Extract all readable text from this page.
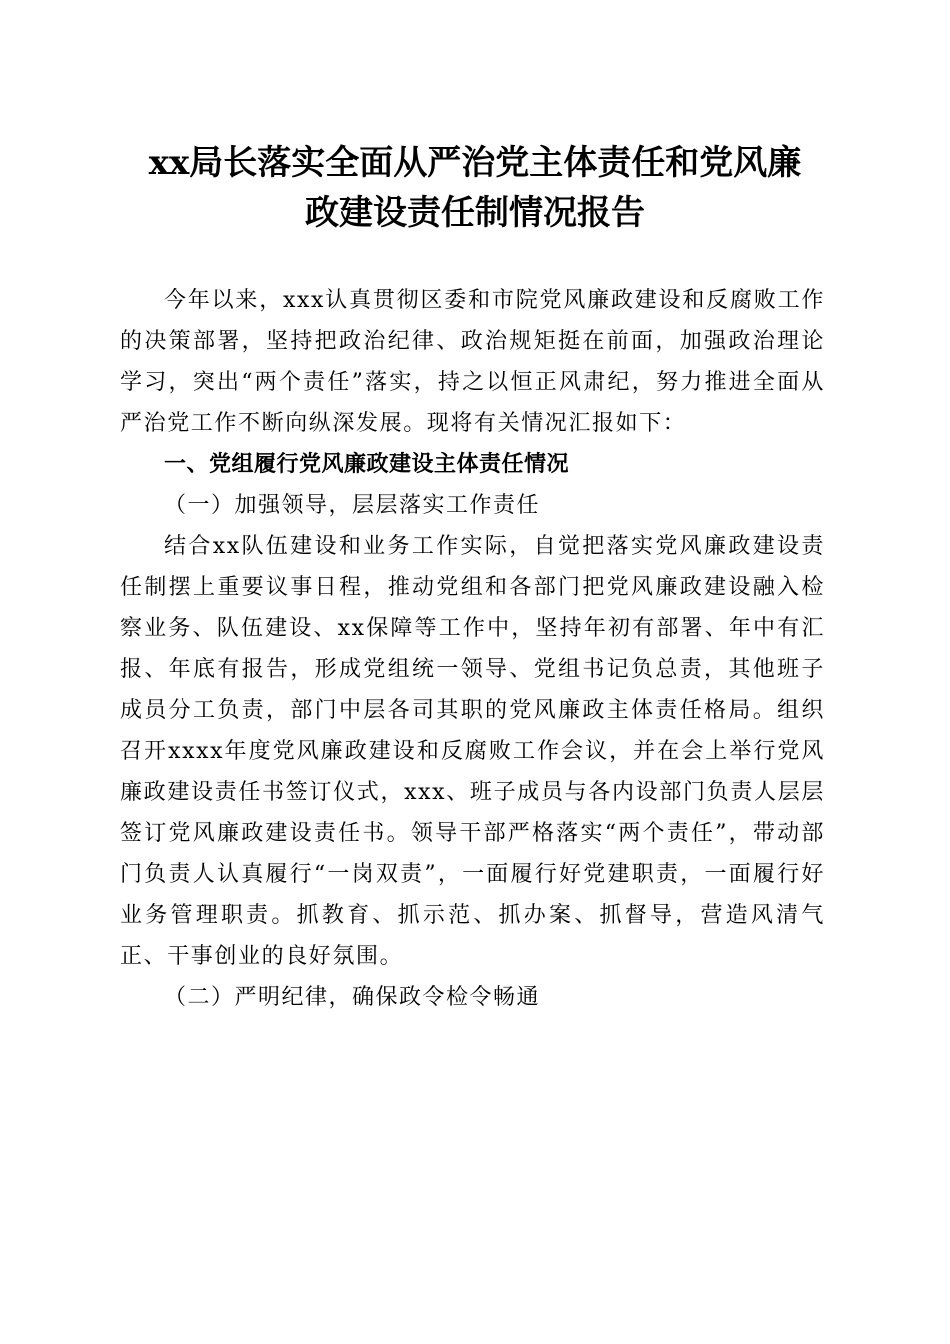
xx局长落实全面从严治党主体责任和党风廉
政建设责任制情况报告

今年以来，xxx认真贯彻区委和市院党风廉政建设和反腐败工作的决策部署，坚持把政治纪律、政治规矩挺在前面，加强政治理论学习，突出“两个责任”落实，持之以恒正风肃纪，努力推进全面从严治党工作不断向纵深发展。现将有关情况汇报如下：

一、党组履行党风廉政建设主体责任情况

（一）加强领导，层层落实工作责任

结合xx队伍建设和业务工作实际，自觉把落实党风廉政建设责任制摆上重要议事日程，推动党组和各部门把党风廉政建设融入检察业务、队伍建设、xx保障等工作中，坚持年初有部署、年中有汇报、年底有报告，形成党组统一领导、党组书记负总责，其他班子成员分工负责，部门中层各司其职的党风廉政主体责任格局。组织召开xxxx年度党风廉政建设和反腐败工作会议，并在会上举行党风廉政建设责任书签订仪式，xxx、班子成员与各内设部门负责人层层签订党风廉政建设责任书。领导干部严格落实“两个责任”，带动部门负责人认真履行“一岗双责”，一面履行好党建职责，一面履行好业务管理职责。抓教育、抓示范、抓办案、抓督导，营造风清气正、干事创业的良好氛围。

（二）严明纪律，确保政令检令畅通
